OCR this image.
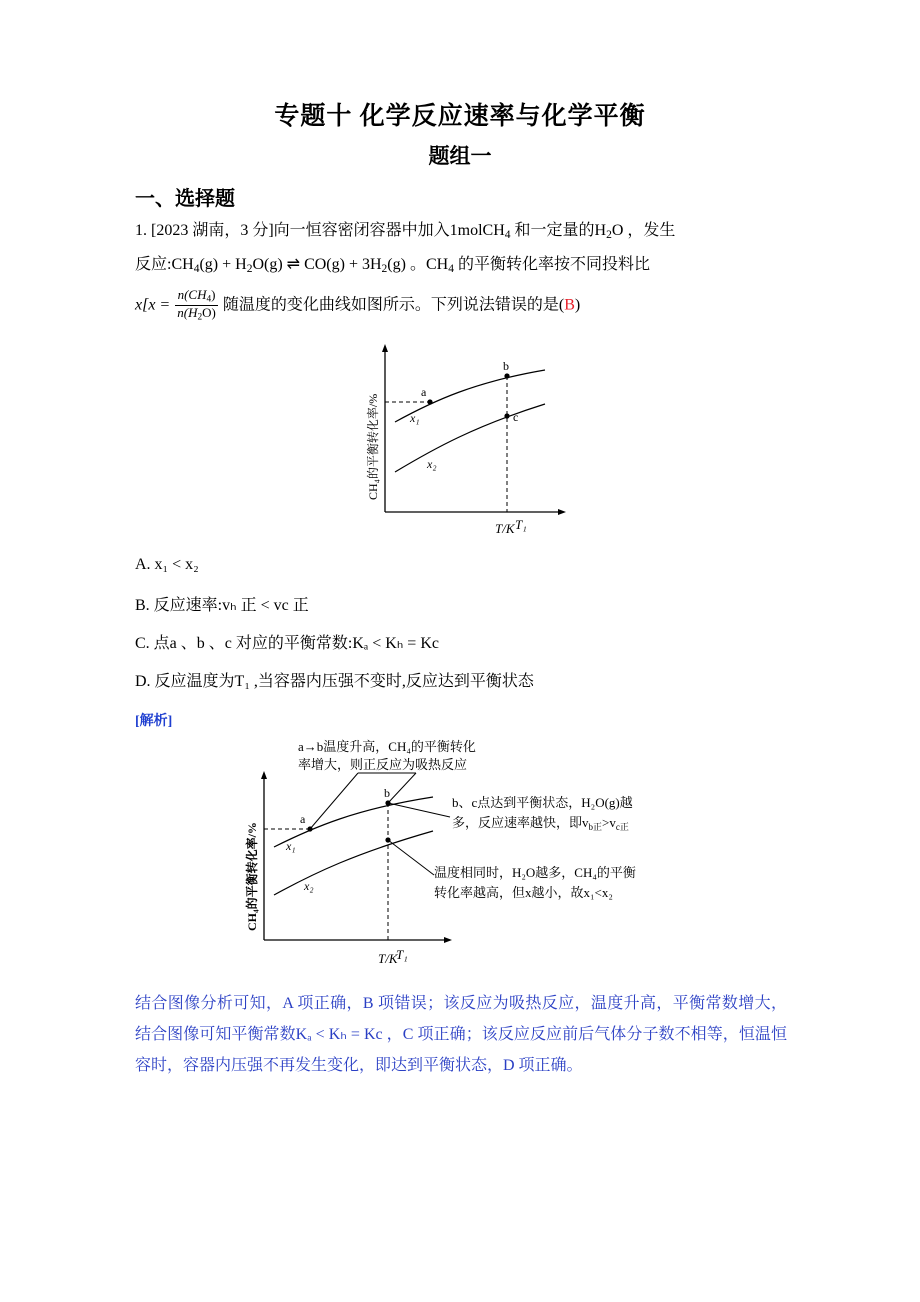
专题十 化学反应速率与化学平衡
题组一
一、选择题
1. [2023 湖南，3 分]向一恒容密闭容器中加入1molCH$_4$ 和一定量的$H_2O$ ，发生
反应$:CH_4(g) + H_2O(g)$ ⇌ $CO(g) + 3H_2(g)$ 。$CH_4$ 的平衡转化率按不同投料比
$x[x = \frac{n(CH_4)}{n(H_2O)}$ 随温度的变化曲线如图所示。下列说法错误的是(B)
a
b
c
x₁
x₂
T/K T₁
CH₄的平衡转化率/%
A. x₁ < x₂
B. 反应速率:vₕ 正 < vс 正
C. 点a 、b 、c 对应的平衡常数:Kₐ < Kₕ = Kс
D. 反应温度为T₁ ,当容器内压强不变时,反应达到平衡状态
[解析]
a
b
x₁
x₂
T/K
T₁
CH₄的平衡转化率/%
a→b温度升高，CH₄的平衡转化
率增大，则正反应为吸热反应
b、c点达到平衡状态，H₂O(g)越
多，反应速率越快，即$v_{b正}>v_{c正}$
温度相同时，H₂O越多，CH₄的平衡
转化率越高，但x越小，故x₁<x₂
结合图像分析可知，A 项正确，B 项错误；该反应为吸热反应，温度升高，平衡常数增大，结合图像可知平衡常数Kₐ < Kₕ = Kс ，C 项正确；该反应反应前后气体分子数不相等，恒温恒容时，容器内压强不再发生变化，即达到平衡状态，D 项正确。
